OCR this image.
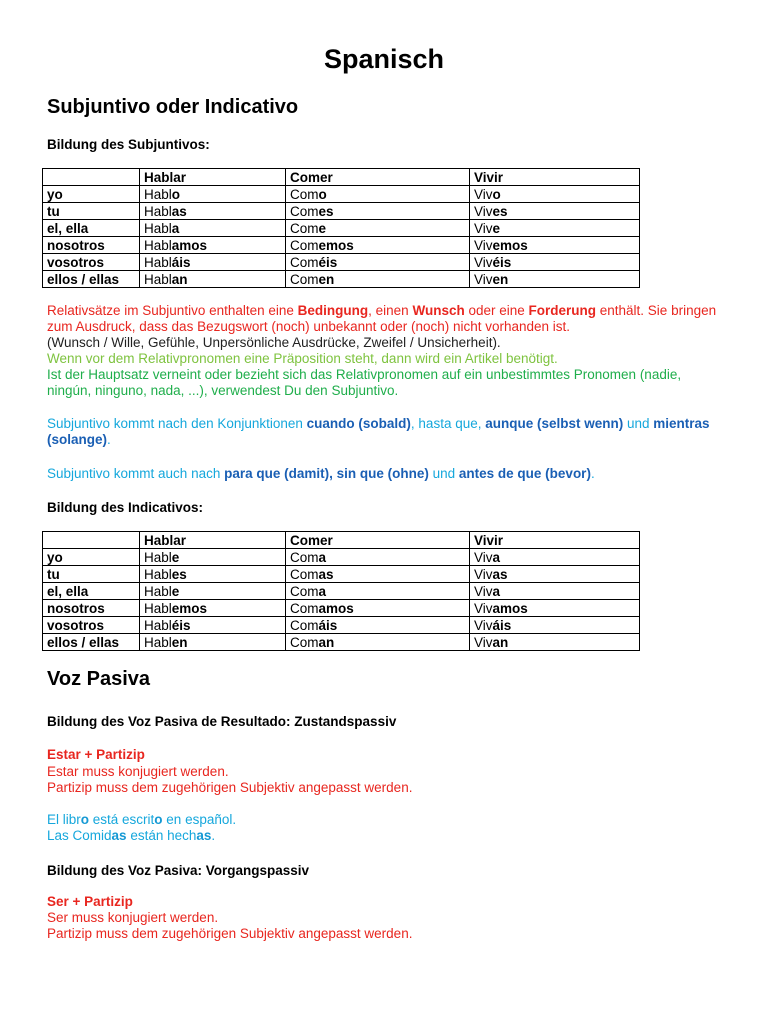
Spanisch
Subjuntivo oder Indicativo

Bildung des Subjuntivos:

	Hablar	Comer	Vivir
yo	Hablo	Como	Vivo
tu	Hablas	Comes	Vives
el, ella	Habla	Come	Vive
nosotros	Hablamos	Comemos	Vivemos
vosotros	Habláis	Coméis	Vivéis
ellos / ellas	Hablan	Comen	Viven

Relativsätze im Subjuntivo enthalten eine Bedingung, einen Wunsch oder eine Forderung enthält. Sie bringen zum Ausdruck, dass das Bezugswort (noch) unbekannt oder (noch) nicht vorhanden ist.

(Wunsch / Wille, Gefühle, Unpersönliche Ausdrücke, Zweifel / Unsicherheit).

Wenn vor dem Relativpronomen eine Präposition steht, dann wird ein Artikel benötigt.

Ist der Hauptsatz verneint oder bezieht sich das Relativpronomen auf ein unbestimmtes Pronomen (nadie, ningún, ninguno, nada, ...), verwendest Du den Subjuntivo.

Subjuntivo kommt nach den Konjunktionen cuando (sobald), hasta que, aunque (selbst wenn) und mientras (solange).

Subjuntivo kommt auch nach para que (damit), sin que (ohne) und antes de que (bevor).

Bildung des Indicativos:

	Hablar	Comer	Vivir
yo	Hable	Coma	Viva
tu	Hables	Comas	Vivas
el, ella	Hable	Coma	Viva
nosotros	Hablemos	Comamos	Vivamos
vosotros	Habléis	Comáis	Viváis
ellos / ellas	Hablen	Coman	Vivan
Voz Pasiva

Bildung des Voz Pasiva de Resultado: Zustandspassiv

Estar + Partizip

Estar muss konjugiert werden.

Partizip muss dem zugehörigen Subjektiv angepasst werden.

El libro está escrito en español.

Las Comidas están hechas.

Bildung des Voz Pasiva: Vorgangspassiv

Ser + Partizip

Ser muss konjugiert werden.

Partizip muss dem zugehörigen Subjektiv angepasst werden.
